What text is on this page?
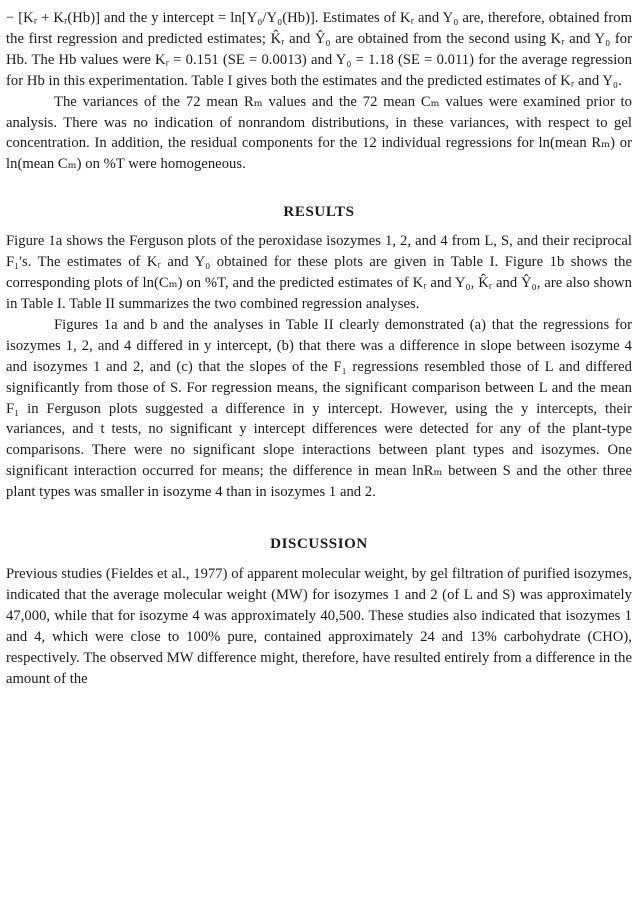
− [Kᵣ + Kᵣ(Hb)] and the y intercept = ln[Y₀/Y₀(Hb)]. Estimates of Kᵣ and Y₀ are, therefore, obtained from the first regression and predicted estimates; K̂ᵣ and Ŷ₀ are obtained from the second using Kᵣ and Y₀ for Hb. The Hb values were Kᵣ = 0.151 (SE = 0.0013) and Y₀ = 1.18 (SE = 0.011) for the average regression for Hb in this experimentation. Table I gives both the estimates and the predicted estimates of Kᵣ and Y₀.

The variances of the 72 mean Rₘ values and the 72 mean Cₘ values were examined prior to analysis. There was no indication of nonrandom distributions, in these variances, with respect to gel concentration. In addition, the residual components for the 12 individual regressions for ln(mean Rₘ) or ln(mean Cₘ) on %T were homogeneous.

RESULTS

Figure 1a shows the Ferguson plots of the peroxidase isozymes 1, 2, and 4 from L, S, and their reciprocal F₁'s. The estimates of Kᵣ and Y₀ obtained for these plots are given in Table I. Figure 1b shows the corresponding plots of ln(Cₘ) on %T, and the predicted estimates of Kᵣ and Y₀, K̂ᵣ and Ŷ₀, are also shown in Table I. Table II summarizes the two combined regression analyses.

Figures 1a and b and the analyses in Table II clearly demonstrated (a) that the regressions for isozymes 1, 2, and 4 differed in y intercept, (b) that there was a difference in slope between isozyme 4 and isozymes 1 and 2, and (c) that the slopes of the F₁ regressions resembled those of L and differed significantly from those of S. For regression means, the significant comparison between L and the mean F₁ in Ferguson plots suggested a difference in y intercept. However, using the y intercepts, their variances, and t tests, no significant y intercept differences were detected for any of the plant-type comparisons. There were no significant slope interactions between plant types and isozymes. One significant interaction occurred for means; the difference in mean lnRₘ between S and the other three plant types was smaller in isozyme 4 than in isozymes 1 and 2.

DISCUSSION

Previous studies (Fieldes et al., 1977) of apparent molecular weight, by gel filtration of purified isozymes, indicated that the average molecular weight (MW) for isozymes 1 and 2 (of L and S) was approximately 47,000, while that for isozyme 4 was approximately 40,500. These studies also indicated that isozymes 1 and 4, which were close to 100% pure, contained approximately 24 and 13% carbohydrate (CHO), respectively. The observed MW difference might, therefore, have resulted entirely from a difference in the amount of the
